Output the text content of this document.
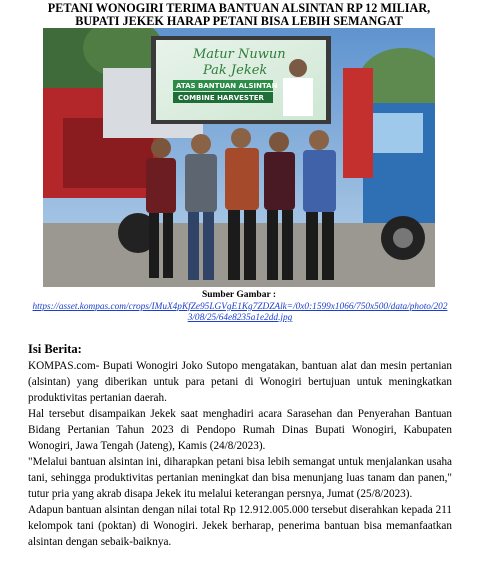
PETANI WONOGIRI TERIMA BANTUAN ALSINTAN RP 12 MILIAR,
BUPATI JEKEK HARAP PETANI BISA LEBIH SEMANGAT
Matur Nuwun
Pak Jekek
ATAS BANTUAN ALSINTAN
COMBINE HARVESTER
Sumber Gambar :
https://asset.kompas.com/crops/IMuX4pKfZe95LGVgE1Kg7ZDZAlk=/0x0:1599x1066/750x500/data/photo/2023/08/25/64e8235a1e2dd.jpg
Isi Berita:

KOMPAS.com- Bupati Wonogiri Joko Sutopo mengatakan, bantuan alat dan mesin pertanian (alsintan) yang diberikan untuk para petani di Wonogiri bertujuan untuk meningkatkan produktivitas pertanian daerah.

Hal tersebut disampaikan Jekek saat menghadiri acara Sarasehan dan Penyerahan Bantuan Bidang Pertanian Tahun 2023 di Pendopo Rumah Dinas Bupati Wonogiri, Kabupaten Wonogiri, Jawa Tengah (Jateng), Kamis (24/8/2023).

"Melalui bantuan alsintan ini, diharapkan petani bisa lebih semangat untuk menjalankan usaha tani, sehingga produktivitas pertanian meningkat dan bisa menunjang luas tanam dan panen," tutur pria yang akrab disapa Jekek itu melalui keterangan persnya, Jumat (25/8/2023).

Adapun bantuan alsintan dengan nilai total Rp 12.912.005.000 tersebut diserahkan kepada 211 kelompok tani (poktan) di Wonogiri. Jekek berharap, penerima bantuan bisa memanfaatkan alsintan dengan sebaik-baiknya.
